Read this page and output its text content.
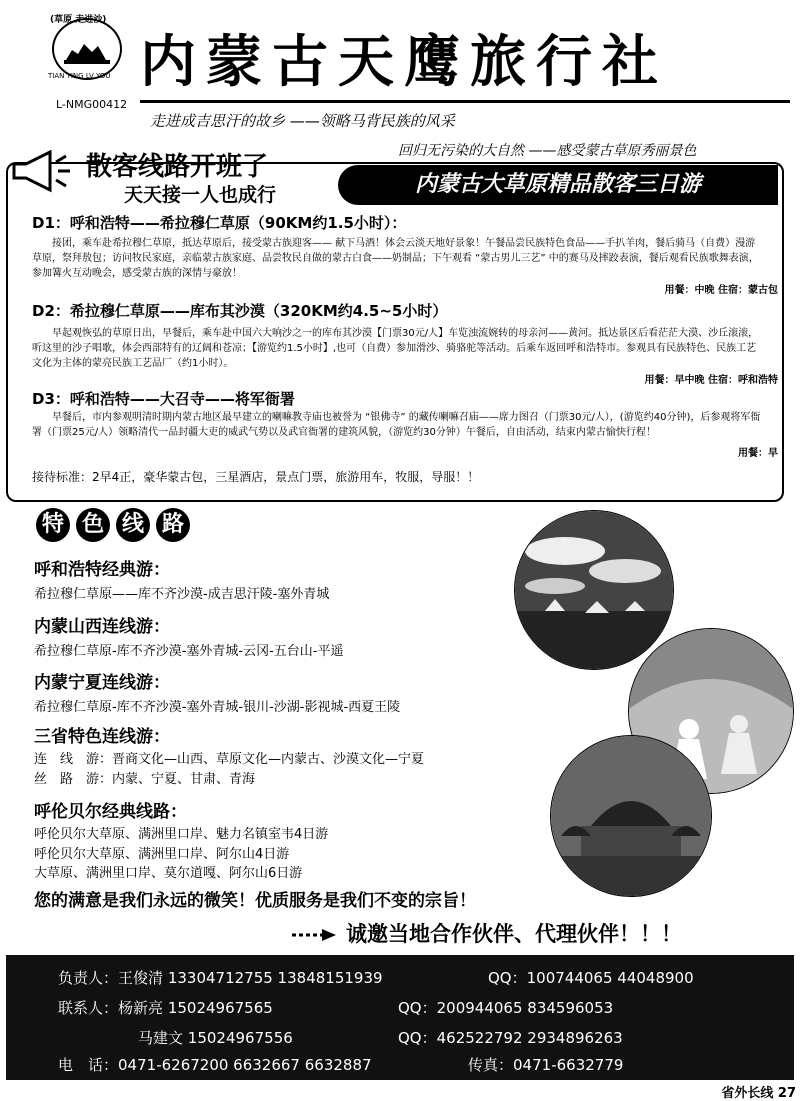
(草原 走进沙)
TIAN YING LV YOU
L-NMG00412
内蒙古天鹰旅行社
走进成吉思汗的故乡 ——领略马背民族的风采
回归无污染的大自然 ——感受蒙古草原秀丽景色
散客线路开班了
天天接一人也成行	内蒙古大草原精品散客三日游
D1：呼和浩特——希拉穆仁草原（90KM约1.5小时）：
接团，乘车赴希拉穆仁草原，抵达草原后，接受蒙古族迎客—— 献下马酒！体会云淡天地好景象！午餐品尝民族特色食品——手扒羊肉，餐后骑马（自费）漫游草原，祭拜敖包；访问牧民家庭，亲临蒙古族家庭、品尝牧民自做的蒙古白食——奶制品；下午观看 “蒙古男儿三艺” 中的赛马及摔跤表演，餐后观看民族歌舞表演，参加篝火互动晚会，感受蒙古族的深情与豪放！
用餐：中晚 住宿：蒙古包
D2：希拉穆仁草原——库布其沙漠（320KM约4.5~5小时）
早起观恢弘的草原日出，早餐后，乘车赴中国六大响沙之一的库布其沙漠【门票30元/人】车览浊流婉转的母亲河——黄河。抵达景区后看茫茫大漠、沙丘滚滚，听这里的沙子唱歌，体会西部特有的辽阔和苍凉；【游览约1.5小时】,也可（自费）参加滑沙、骑骆驼等活动。后乘车返回呼和浩特市。参观具有民族特色、民族工艺文化为主体的蒙亮民族工艺品厂（约1小时）。
用餐：早中晚 住宿：呼和浩特
D3：呼和浩特——大召寺——将军衙署
早餐后，市内参观明清时期内蒙古地区最早建立的喇嘛教寺庙也被誉为 “银佛寺” 的藏传喇嘛召庙——席力图召（门票30元/人），(游览约40分钟)，后参观将军衙署（门票25元/人）领略清代一品封疆大吏的威武气势以及武官衙署的建筑风貌，（游览约30分钟）午餐后，自由活动，结束内蒙古愉快行程！
用餐：早
接待标准：2早4正，豪华蒙古包，三星酒店，景点门票，旅游用车，牧服，导服！！
特 色 线 路
呼和浩特经典游：
希拉穆仁草原——库不齐沙漠-成吉思汗陵-塞外青城
内蒙山西连线游：
希拉穆仁草原-库不齐沙漠-塞外青城-云冈-五台山-平遥
内蒙宁夏连线游：
希拉穆仁草原-库不齐沙漠-塞外青城-银川-沙湖-影视城-西夏王陵
三省特色连线游：
连　线　游：晋商文化—山西、草原文化—内蒙古、沙漠文化—宁夏
丝　路　游：内蒙、宁夏、甘肃、青海
呼伦贝尔经典线路：
呼伦贝尔大草原、满洲里口岸、魅力名镇室韦4日游
呼伦贝尔大草原、满洲里口岸、阿尔山4日游
大草原、满洲里口岸、莫尔道嘎、阿尔山6日游
您的满意是我们永远的微笑！优质服务是我们不变的宗旨！
诚邀当地合作伙伴、代理伙伴！！！
负责人：王俊清 13304712755 13848151939	QQ：100744065 44048900
联系人：杨新亮 15024967565	QQ：200944065 834596053
马建文 15024967556	QQ：462522792 2934896263
电　话：0471-6267200 6632667 6632887	传真：0471-6632779
省外长线 27
